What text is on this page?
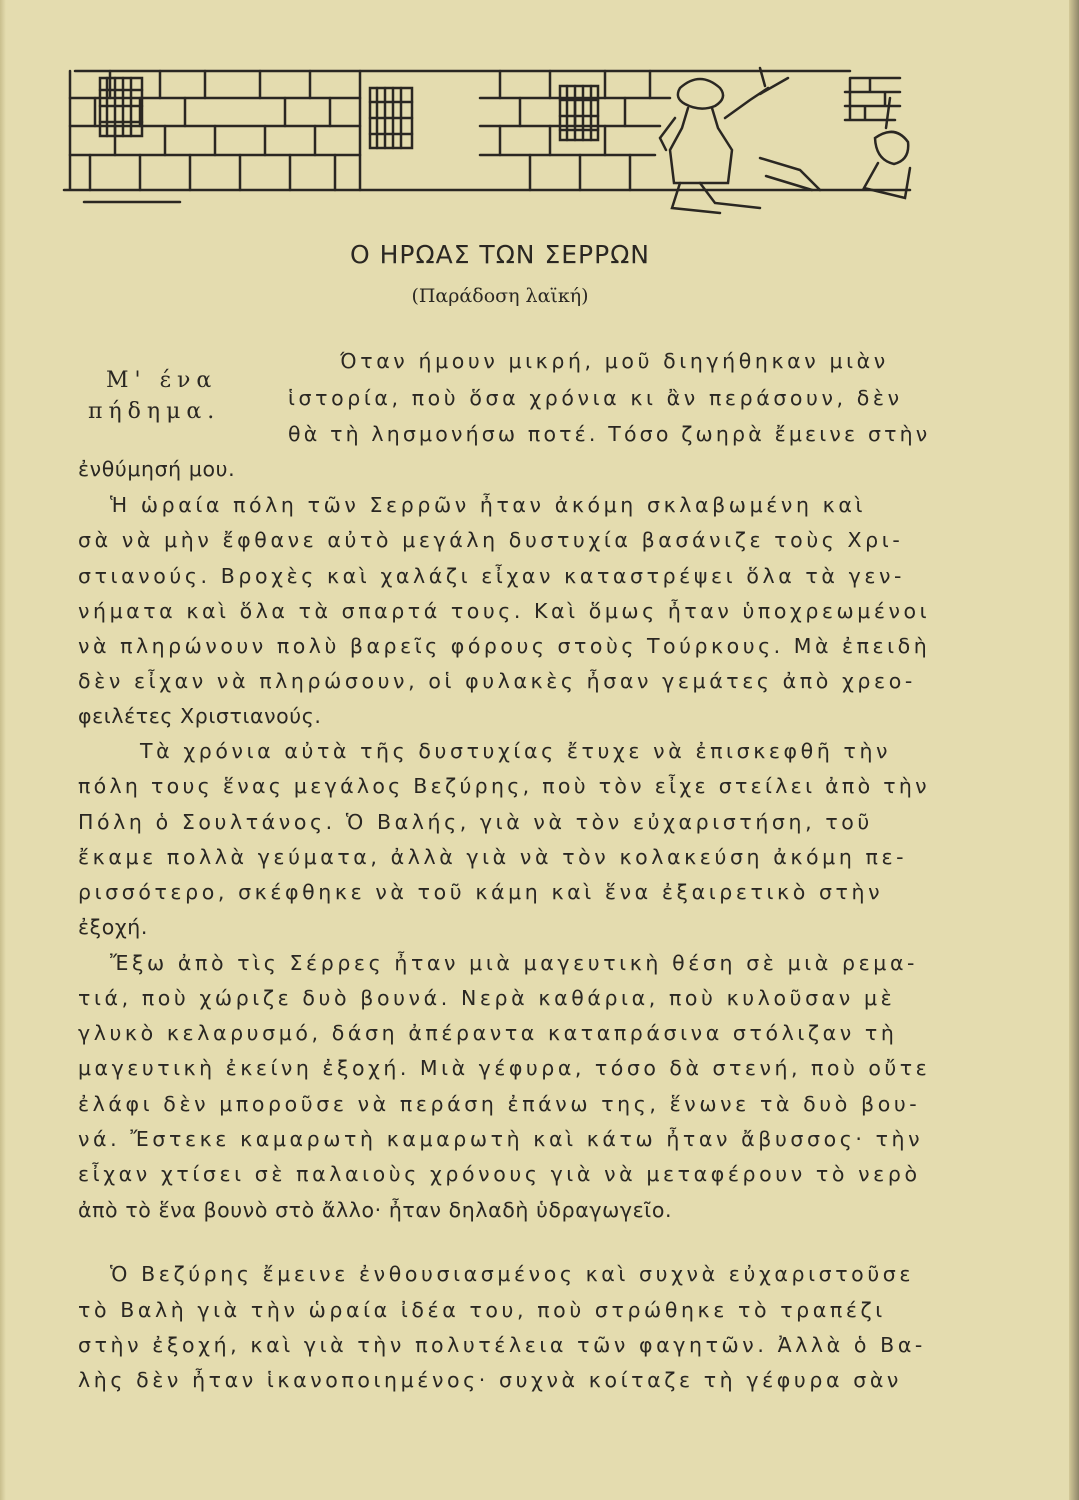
Ο ΗΡΩΑΣ ΤΩΝ ΣΕΡΡΩΝ
(Παράδοση λαϊκή)
Μ' ένα
πήδημα.
Όταν ήμουν μικρή, μοῦ διηγήθηκαν μιὰν
ἱστορία, ποὺ ὅσα χρόνια κι ἂν περάσουν, δὲν
θὰ τὴ λησμονήσω ποτέ. Τόσο ζωηρὰ ἔμεινε στὴν
ἐνθύμησή μου.
Ἡ ὡραία πόλη τῶν Σερρῶν ἦταν ἀκόμη σκλαβωμένη καὶ
σὰ νὰ μὴν ἔφθανε αὐτὸ μεγάλη δυστυχία βασάνιζε τοὺς Χρι-
στιανούς. Βροχὲς καὶ χαλάζι εἶχαν καταστρέψει ὅλα τὰ γεν-
νήματα καὶ ὅλα τὰ σπαρτά τους. Καὶ ὅμως ἦταν ὑποχρεωμένοι
νὰ πληρώνουν πολὺ βαρεῖς φόρους στοὺς Τούρκους. Μὰ ἐπειδὴ
δὲν εἶχαν νὰ πληρώσουν, οἱ φυλακὲς ἦσαν γεμάτες ἀπὸ χρεο-
φειλέτες Χριστιανούς.
Τὰ χρόνια αὐτὰ τῆς δυστυχίας ἔτυχε νὰ ἐπισκεφθῆ τὴν
πόλη τους ἕνας μεγάλος Βεζύρης, ποὺ τὸν εἶχε στείλει ἀπὸ τὴν
Πόλη ὁ Σουλτάνος. Ὁ Βαλής, γιὰ νὰ τὸν εὐχαριστήση, τοῦ
ἔκαμε πολλὰ γεύματα, ἀλλὰ γιὰ νὰ τὸν κολακεύση ἀκόμη πε-
ρισσότερο, σκέφθηκε νὰ τοῦ κάμη καὶ ἕνα ἐξαιρετικὸ στὴν
ἐξοχή.
Ἔξω ἀπὸ τὶς Σέρρες ἦταν μιὰ μαγευτικὴ θέση σὲ μιὰ ρεμα-
τιά, ποὺ χώριζε δυὸ βουνά. Νερὰ καθάρια, ποὺ κυλοῦσαν μὲ
γλυκὸ κελαρυσμό, δάση ἀπέραντα καταπράσινα στόλιζαν τὴ
μαγευτικὴ ἐκείνη ἐξοχή. Μιὰ γέφυρα, τόσο δὰ στενή, ποὺ οὔτε
ἐλάφι δὲν μποροῦσε νὰ περάση ἐπάνω της, ἕνωνε τὰ δυὸ βου-
νά. Ἔστεκε καμαρωτὴ καμαρωτὴ καὶ κάτω ἦταν ἄβυσσος· τὴν
εἶχαν χτίσει σὲ παλαιοὺς χρόνους γιὰ νὰ μεταφέρουν τὸ νερὸ
ἀπὸ τὸ ἕνα βουνὸ στὸ ἄλλο· ἦταν δηλαδὴ ὑδραγωγεῖο.
Ὁ Βεζύρης ἔμεινε ἐνθουσιασμένος καὶ συχνὰ εὐχαριστοῦσε
τὸ Βαλὴ γιὰ τὴν ὡραία ἰδέα του, ποὺ στρώθηκε τὸ τραπέζι
στὴν ἐξοχή, καὶ γιὰ τὴν πολυτέλεια τῶν φαγητῶν. Ἀλλὰ ὁ Βα-
λὴς δὲν ἦταν ἱκανοποιημένος· συχνὰ κοίταζε τὴ γέφυρα σὰν
